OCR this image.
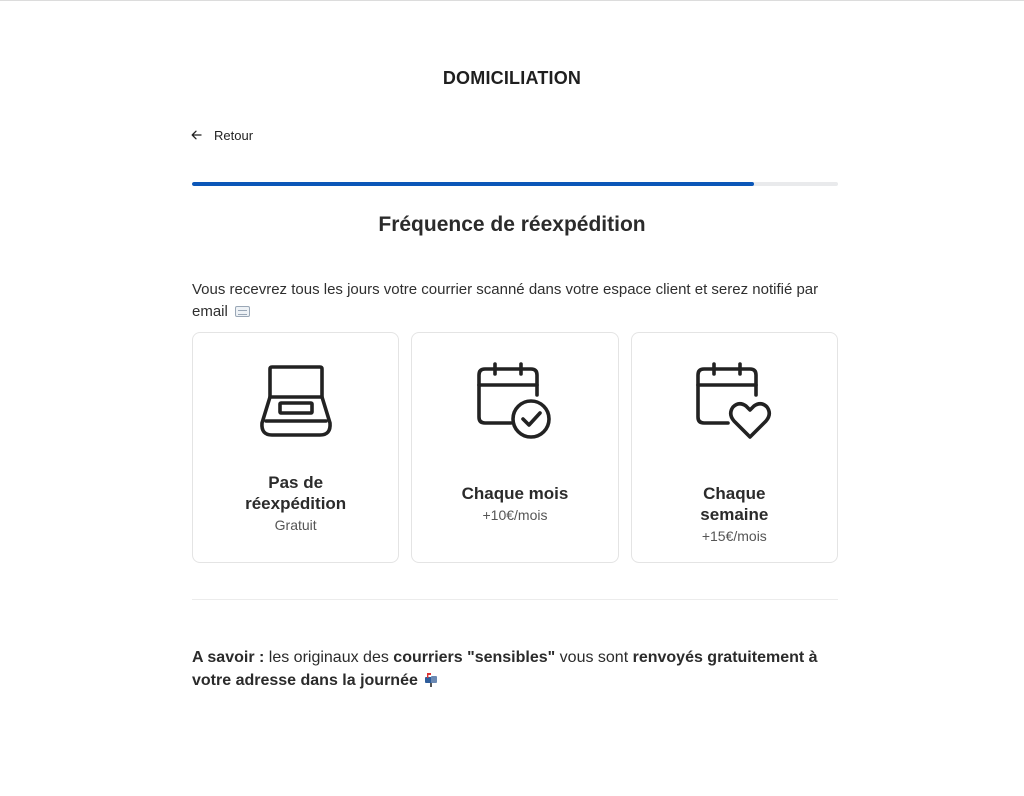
DOMICILIATION
Retour
Fréquence de réexpédition
Vous recevrez tous les jours votre courrier scanné dans votre espace client et serez notifié par email
Pas de réexpédition
Gratuit
Chaque mois
+10€/mois
Chaque semaine
+15€/mois
A savoir : les originaux des courriers "sensibles" vous sont renvoyés gratuitement à votre adresse dans la journée
